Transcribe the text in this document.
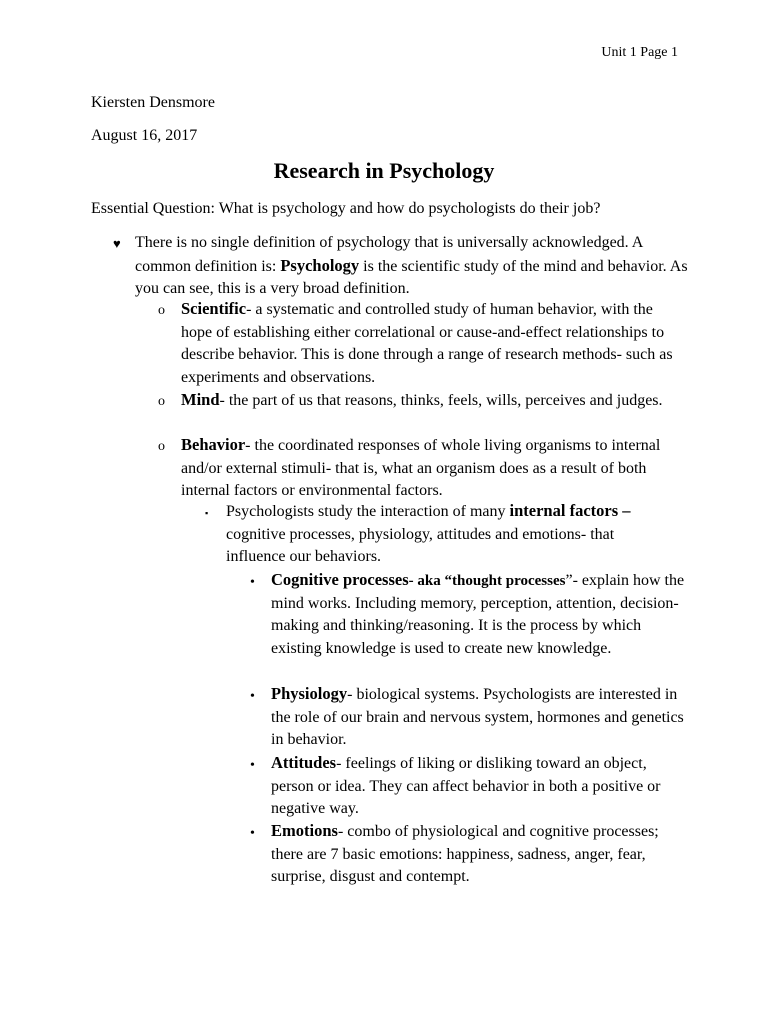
Unit 1 Page 1
Kiersten Densmore
August 16, 2017
Research in Psychology
Essential Question: What is psychology and how do psychologists do their job?
♥ There is no single definition of psychology that is universally acknowledged. A common definition is: Psychology is the scientific study of the mind and behavior. As you can see, this is a very broad definition.

o Scientific- a systematic and controlled study of human behavior, with the hope of establishing either correlational or cause-and-effect relationships to describe behavior. This is done through a range of research methods- such as experiments and observations.

o Mind- the part of us that reasons, thinks, feels, wills, perceives and judges.

o Behavior- the coordinated responses of whole living organisms to internal and/or external stimuli- that is, what an organism does as a result of both internal factors or environmental factors.

▪ Psychologists study the interaction of many internal factors – cognitive processes, physiology, attitudes and emotions- that influence our behaviors.

• Cognitive processes- aka “thought processes”- explain how the mind works. Including memory, perception, attention, decision-making and thinking/reasoning. It is the process by which existing knowledge is used to create new knowledge.

• Physiology- biological systems. Psychologists are interested in the role of our brain and nervous system, hormones and genetics in behavior.

• Attitudes- feelings of liking or disliking toward an object, person or idea. They can affect behavior in both a positive or negative way.

• Emotions- combo of physiological and cognitive processes; there are 7 basic emotions: happiness, sadness, anger, fear, surprise, disgust and contempt.
